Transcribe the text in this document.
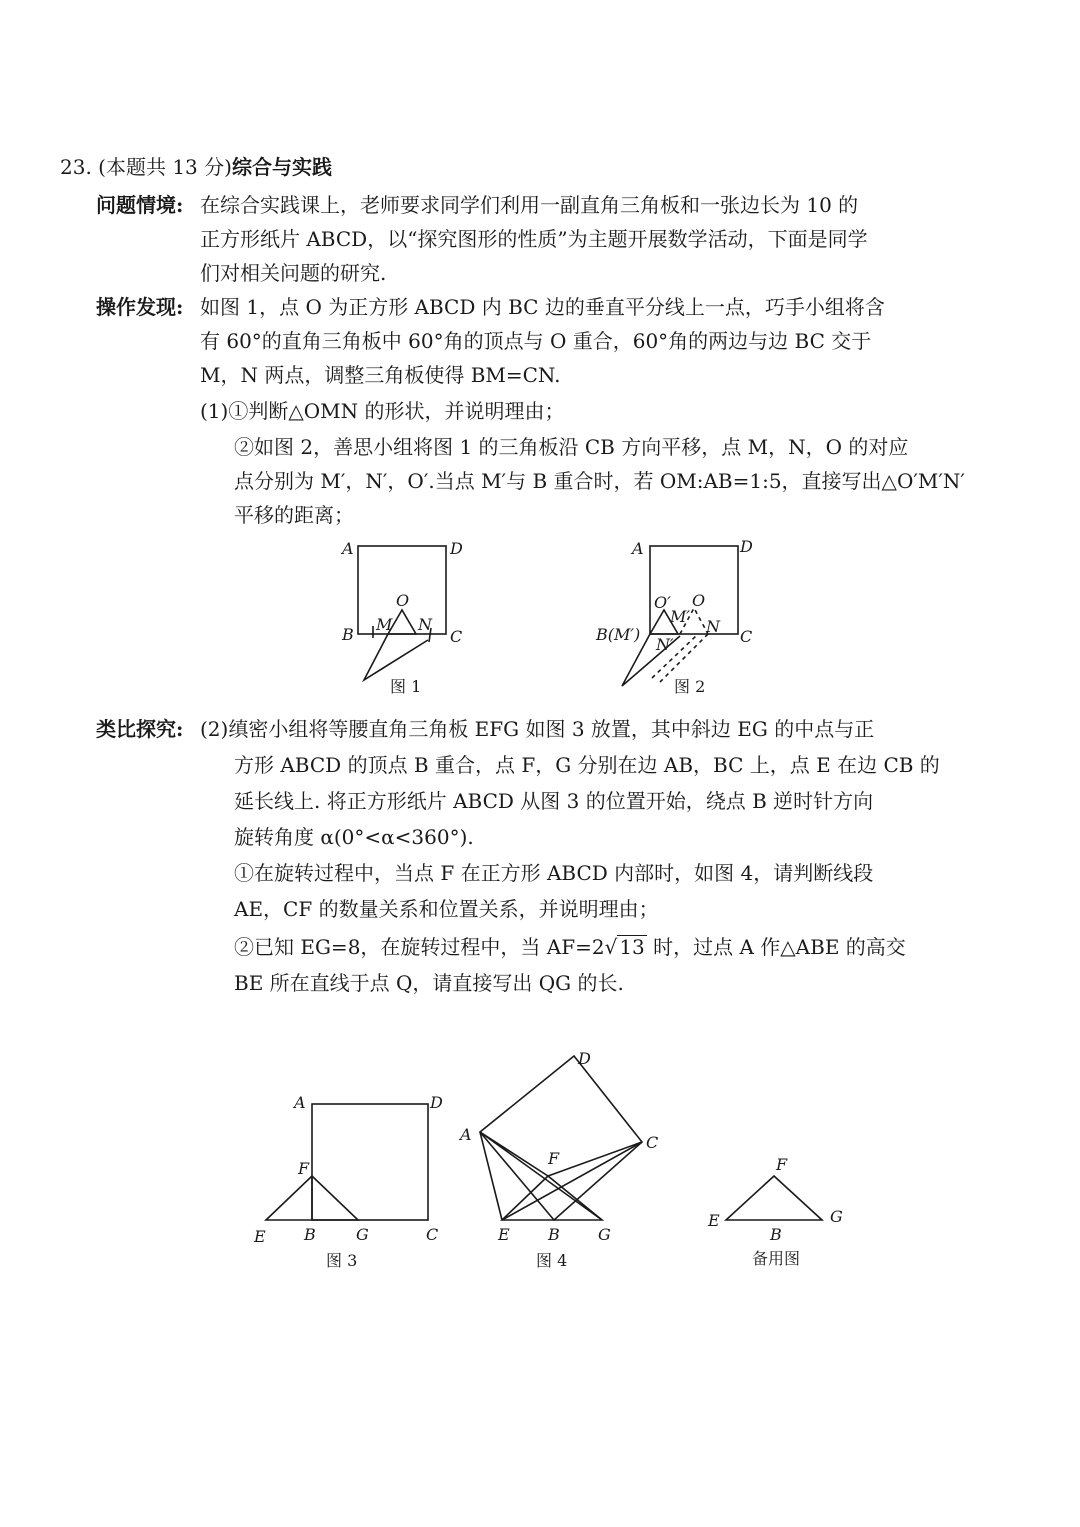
23. (本题共 13 分)综合与实践
问题情境: 在综合实践课上，老师要求同学们利用一副直角三角板和一张边长为 10 的
正方形纸片 ABCD，以“探究图形的性质”为主题开展数学活动，下面是同学
们对相关问题的研究.
操作发现: 如图 1，点 O 为正方形 ABCD 内 BC 边的垂直平分线上一点，巧手小组将含
有 60°的直角三角板中 60°角的顶点与 O 重合，60°角的两边与边 BC 交于
M，N 两点，调整三角板使得 BM=CN.
(1)①判断△OMN 的形状，并说明理由；
②如图 2，善思小组将图 1 的三角板沿 CB 方向平移，点 M，N，O 的对应
点分别为 M′，N′，O′.当点 M′与 B 重合时，若 OM:AB=1:5，直接写出△O′M′N′
平移的距离；
A	D
O
B
M N
C
图 1
A	D
O′
M′
O
B(M′)	N
N′	C
图 2
类比探究: (2)缜密小组将等腰直角三角板 EFG 如图 3 放置，其中斜边 EG 的中点与正
方形 ABCD 的顶点 B 重合，点 F，G 分别在边 AB，BC 上，点 E 在边 CB 的
延长线上. 将正方形纸片 ABCD 从图 3 的位置开始，绕点 B 逆时针方向
旋转角度 α(0°<α<360°).
①在旋转过程中，当点 F 在正方形 ABCD 内部时，如图 4，请判断线段
AE，CF 的数量关系和位置关系，并说明理由；
②已知 EG=8，在旋转过程中，当 AF=2√ 13 时，过点 A 作△ABE 的高交
BE 所在直线于点 Q，请直接写出 QG 的长.
A	D
F
E B	G	C
图 3
D
A	C
F
E B G
图 4
F
E	G
B
备用图
